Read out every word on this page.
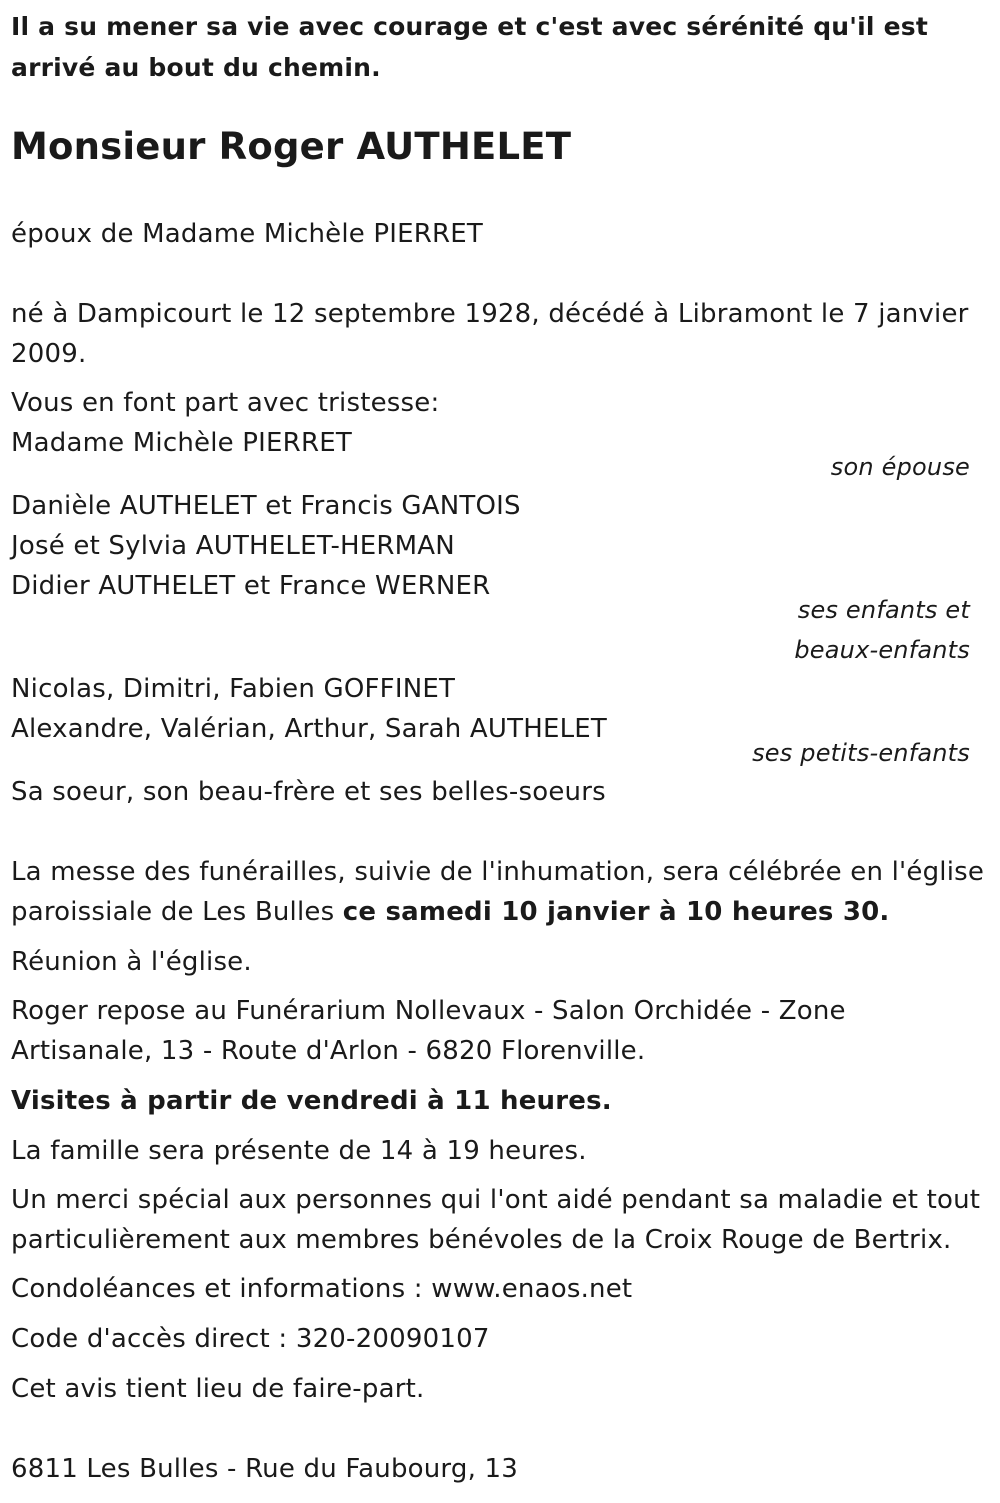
Il a su mener sa vie avec courage et c'est avec sérénité qu'il est arrivé au bout du chemin.

Monsieur Roger AUTHELET

époux de Madame Michèle PIERRET

né à Dampicourt le 12 septembre 1928, décédé à Libramont le 7 janvier 2009.

Vous en font part avec tristesse:

Madame Michèle PIERRET

son épouse

Danièle AUTHELET et Francis GANTOIS

José et Sylvia AUTHELET-HERMAN

Didier AUTHELET et France WERNER

ses enfants et

beaux-enfants

Nicolas, Dimitri, Fabien GOFFINET

Alexandre, Valérian, Arthur, Sarah AUTHELET

ses petits-enfants

Sa soeur, son beau-frère et ses belles-soeurs

La messe des funérailles, suivie de l'inhumation, sera célébrée en l'église paroissiale de Les Bulles ce samedi 10 janvier à 10 heures 30.

Réunion à l'église.

Roger repose au Funérarium Nollevaux - Salon Orchidée - Zone Artisanale, 13 - Route d'Arlon - 6820 Florenville.

Visites à partir de vendredi à 11 heures.

La famille sera présente de 14 à 19 heures.

Un merci spécial aux personnes qui l'ont aidé pendant sa maladie et tout particulièrement aux membres bénévoles de la Croix Rouge de Bertrix.

Condoléances et informations : www.enaos.net

Code d'accès direct : 320-20090107

Cet avis tient lieu de faire-part.

6811 Les Bulles - Rue du Faubourg, 13
